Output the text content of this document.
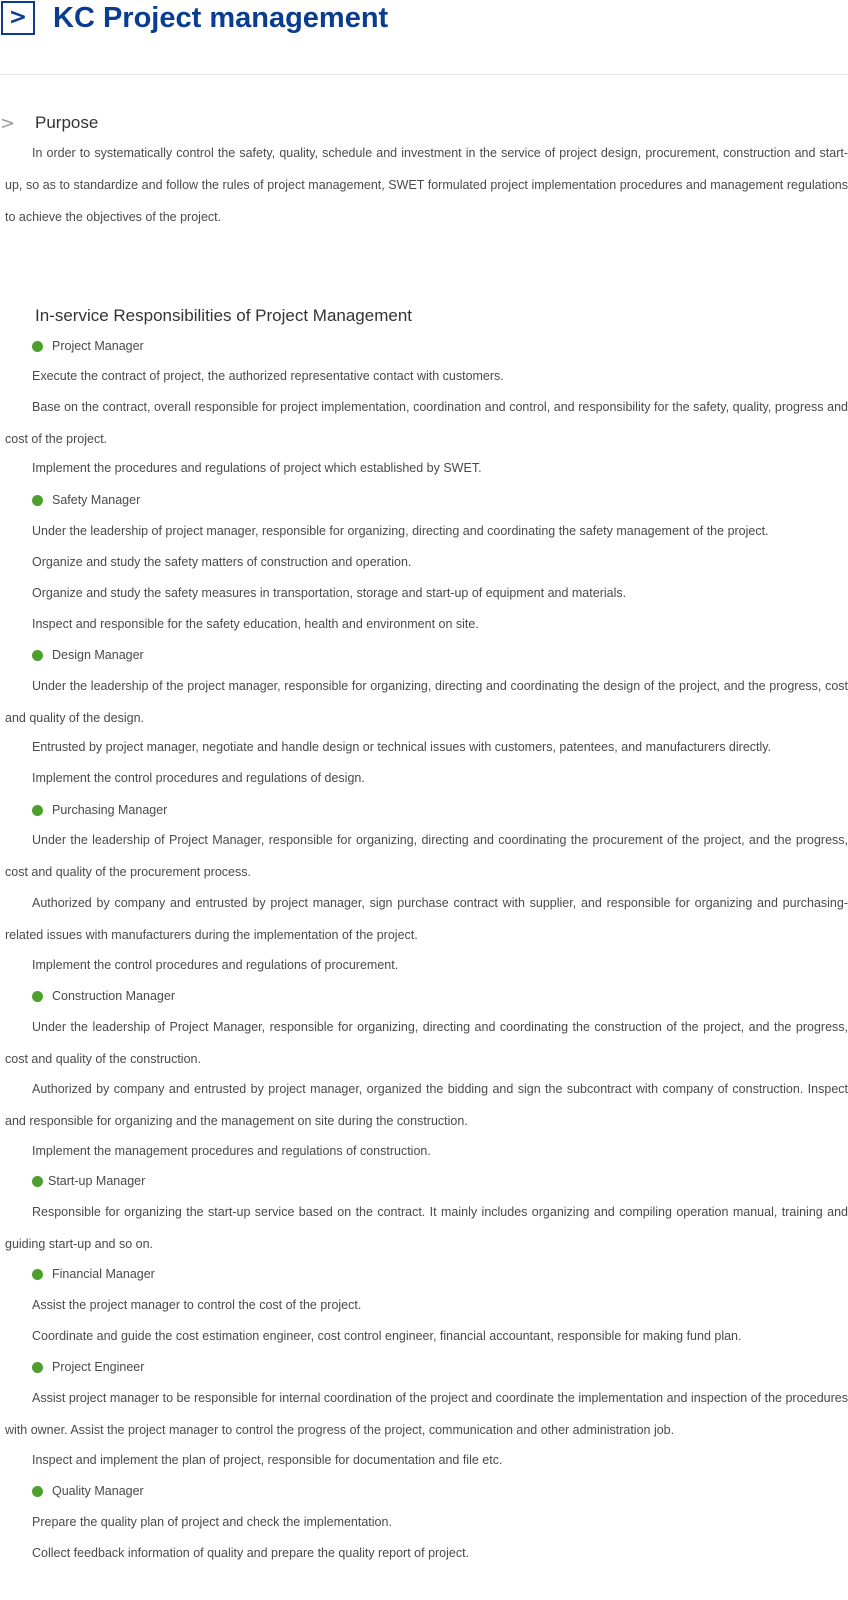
> KC Project management
> Purpose

In order to systematically control the safety, quality, schedule and investment in the service of project design, procurement, construction and start-up, so as to standardize and follow the rules of project management, SWET formulated project implementation procedures and management regulations to achieve the objectives of the project.

In-service Responsibilities of Project Management
Project Manager
Execute the contract of project, the authorized representative contact with customers.

Base on the contract, overall responsible for project implementation, coordination and control, and responsibility for the safety, quality, progress and cost of the project.

Implement the procedures and regulations of project which established by SWET.
Safety Manager
Under the leadership of project manager, responsible for organizing, directing and coordinating the safety management of the project.
Organize and study the safety matters of construction and operation.
Organize and study the safety measures in transportation, storage and start-up of equipment and materials.
Inspect and responsible for the safety education, health and environment on site.
Design Manager

Under the leadership of the project manager, responsible for organizing, directing and coordinating the design of the project, and the progress, cost and quality of the design.

Entrusted by project manager, negotiate and handle design or technical issues with customers, patentees, and manufacturers directly.
Implement the control procedures and regulations of design.
Purchasing Manager

Under the leadership of Project Manager, responsible for organizing, directing and coordinating the procurement of the project, and the progress, cost and quality of the procurement process.

Authorized by company and entrusted by project manager, sign purchase contract with supplier, and responsible for organizing and purchasing-related issues with manufacturers during the implementation of the project.

Implement the control procedures and regulations of procurement.
Construction Manager

Under the leadership of Project Manager, responsible for organizing, directing and coordinating the construction of the project, and the progress, cost and quality of the construction.

Authorized by company and entrusted by project manager, organized the bidding and sign the subcontract with company of construction. Inspect and responsible for organizing and the management on site during the construction.

Implement the management procedures and regulations of construction.
Start-up Manager

Responsible for organizing the start-up service based on the contract. It mainly includes organizing and compiling operation manual, training and guiding start-up and so on.

Financial Manager
Assist the project manager to control the cost of the project.
Coordinate and guide the cost estimation engineer, cost control engineer, financial accountant, responsible for making fund plan.
Project Engineer

Assist project manager to be responsible for internal coordination of the project and coordinate the implementation and inspection of the procedures with owner. Assist the project manager to control the progress of the project, communication and other administration job.

Inspect and implement the plan of project, responsible for documentation and file etc.
Quality Manager
Prepare the quality plan of project and check the implementation.
Collect feedback information of quality and prepare the quality report of project.
